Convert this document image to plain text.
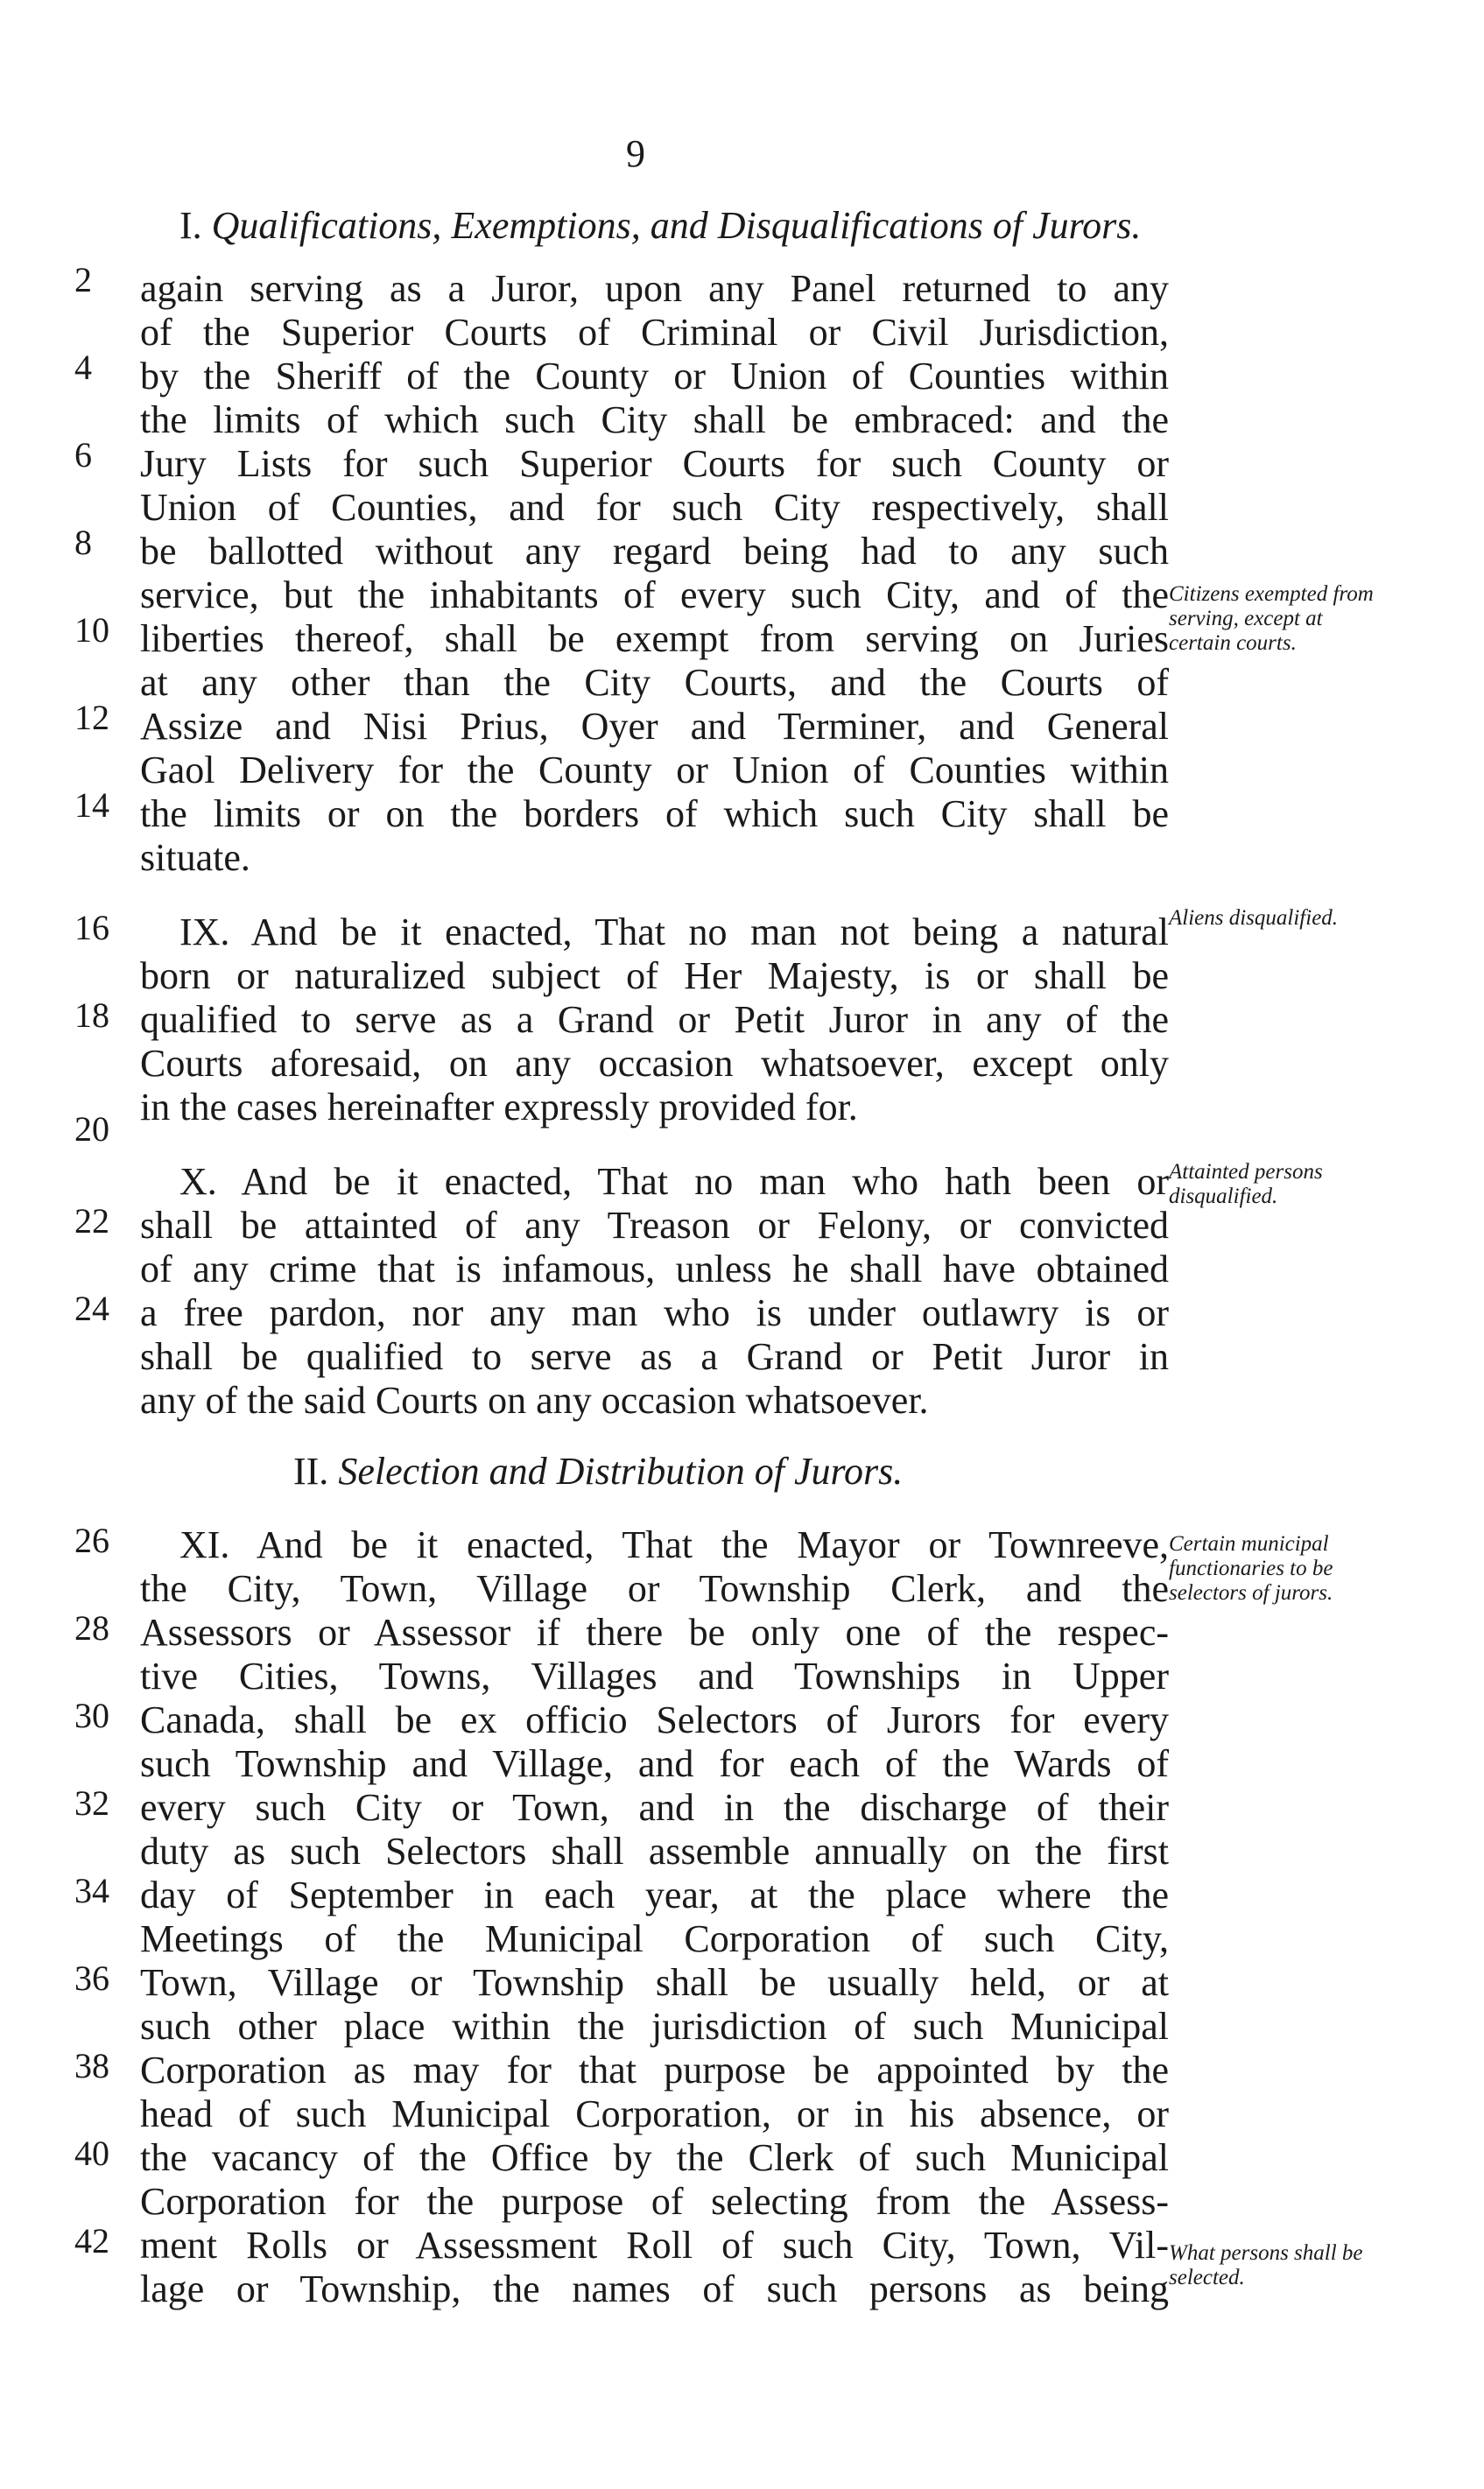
9
I. Qualifications, Exemptions, and Disqualifications of Jurors.
again serving as a Juror, upon any Panel returned to any
of the Superior Courts of Criminal or Civil Jurisdiction,
by the Sheriff of the County or Union of Counties within
the limits of which such City shall be embraced: and the
Jury Lists for such Superior Courts for such County or
Union of Counties, and for such City respectively, shall
be ballotted without any regard being had to any such
service, but the inhabitants of every such City, and of the
liberties thereof, shall be exempt from serving on Juries
at any other than the City Courts, and the Courts of
Assize and Nisi Prius, Oyer and Terminer, and General
Gaol Delivery for the County or Union of Counties within
the limits or on the borders of which such City shall be
situate.
IX. And be it enacted, That no man not being a natural
born or naturalized subject of Her Majesty, is or shall be
qualified to serve as a Grand or Petit Juror in any of the
Courts aforesaid, on any occasion whatsoever, except only
in the cases hereinafter expressly provided for.
X. And be it enacted, That no man who hath been or
shall be attainted of any Treason or Felony, or convicted
of any crime that is infamous, unless he shall have obtained
a free pardon, nor any man who is under outlawry is or
shall be qualified to serve as a Grand or Petit Juror in
any of the said Courts on any occasion whatsoever.
II. Selection and Distribution of Jurors.
XI. And be it enacted, That the Mayor or Townreeve,
the City, Town, Village or Township Clerk, and the
Assessors or Assessor if there be only one of the respec-
tive Cities, Towns, Villages and Townships in Upper
Canada, shall be ex officio Selectors of Jurors for every
such Township and Village, and for each of the Wards of
every such City or Town, and in the discharge of their
duty as such Selectors shall assemble annually on the first
day of September in each year, at the place where the
Meetings of the Municipal Corporation of such City,
Town, Village or Township shall be usually held, or at
such other place within the jurisdiction of such Municipal
Corporation as may for that purpose be appointed by the
head of such Municipal Corporation, or in his absence, or
the vacancy of the Office by the Clerk of such Municipal
Corporation for the purpose of selecting from the Assess-
ment Rolls or Assessment Roll of such City, Town, Vil-
lage or Township, the names of such persons as being
2
4
6
8
10
12
14
16
18
20
22
24
26
28
30
32
34
36
38
40
42
Citizens exempted from serving, except at certain courts.
Aliens disqualified.
Attainted persons disqualified.
Certain municipal functionaries to be selectors of jurors.
What persons shall be selected.
